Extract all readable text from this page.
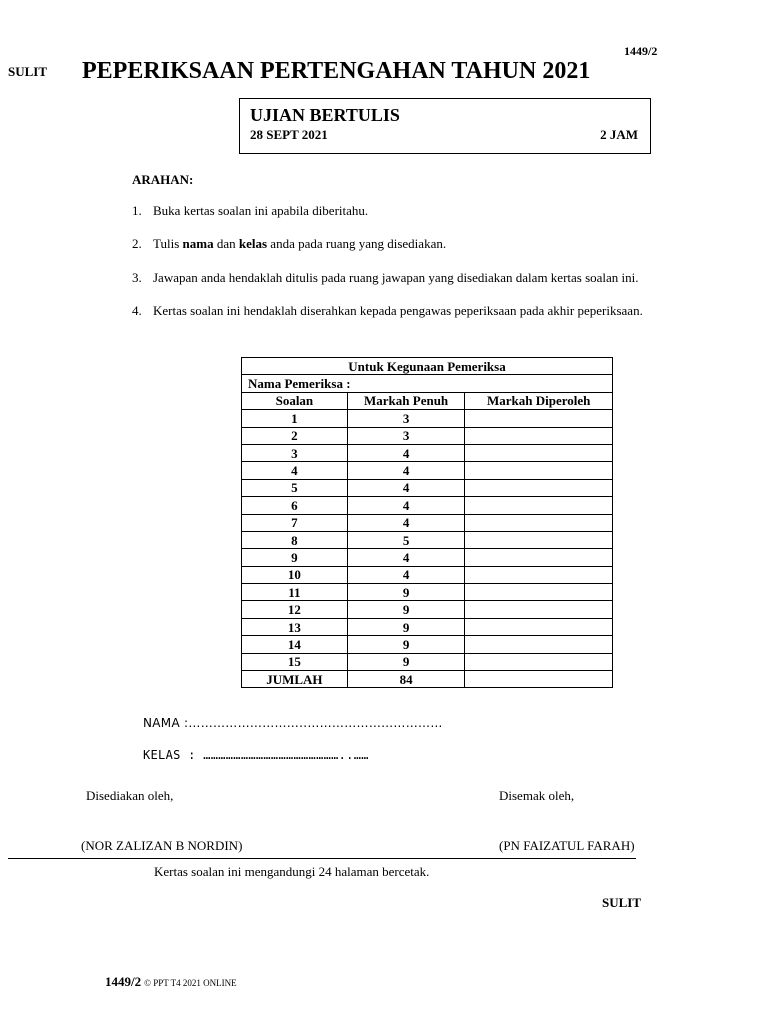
1449/2
SULIT PEPERIKSAAN PERTENGAHAN TAHUN 2021
UJIAN BERTULIS
28 SEPT 2021	2 JAM
ARAHAN:
1. Buka kertas soalan ini apabila diberitahu.
2. Tulis nama dan kelas anda pada ruang yang disediakan.
3. Jawapan anda hendaklah ditulis pada ruang jawapan yang disediakan dalam kertas soalan ini.
4. Kertas soalan ini hendaklah diserahkan kepada pengawas peperiksaan pada akhir peperiksaan.
Untuk Kegunaan Pemeriksa		
Nama Pemeriksa :		
Soalan	Markah Penuh	Markah Diperoleh
1	3	
2	3	
3	4	
4	4	
5	4	
6	4	
7	4	
8	5	
9	4	
10	4	
11	9	
12	9	
13	9	
14	9	
15	9	
JUMLAH	84	
NAMA :………………………..……………………………
KELAS : ………………………………………………..……
Disediakan oleh,	Disemak oleh,
(NOR ZALIZAN B NORDIN)	(PN FAIZATUL FARAH)
Kertas soalan ini mengandungi 24 halaman bercetak.
SULIT
1449/2 © PPT T4 2021 ONLINE
